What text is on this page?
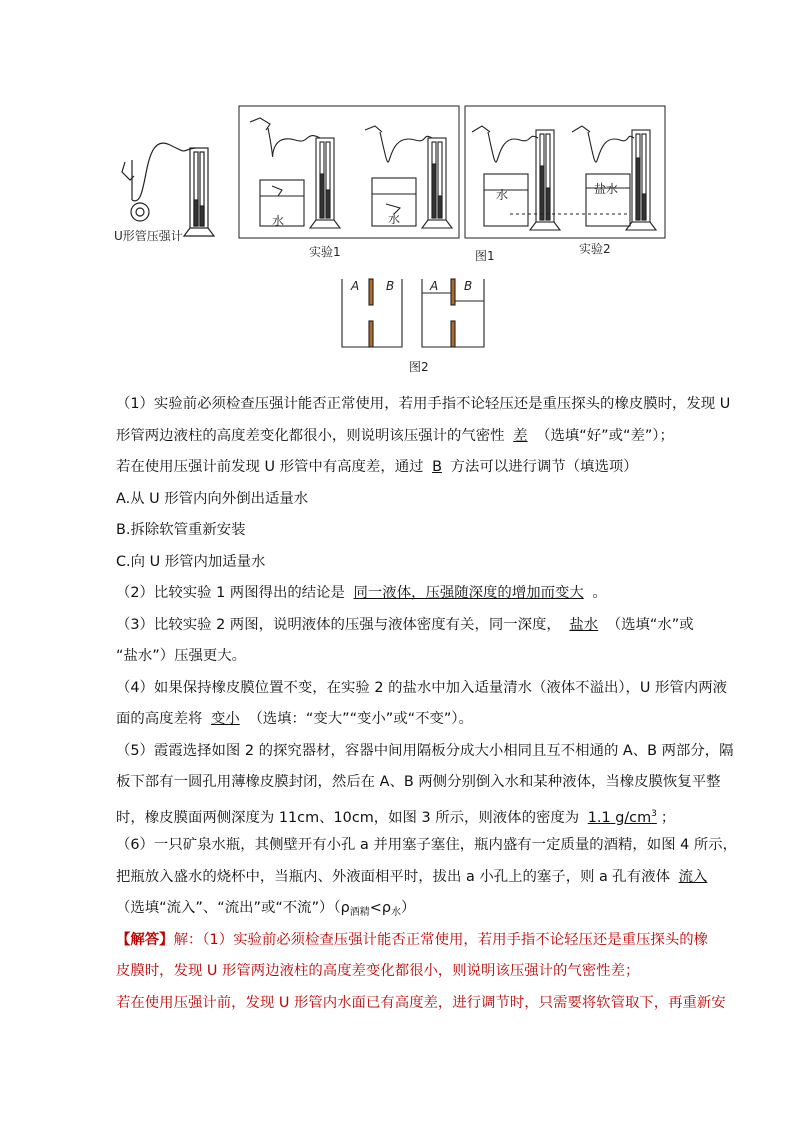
U形管压强计
水	水
水	盐水
实验1	实验2
图1
A B	A B
图2
（1）实验前必须检查压强计能否正常使用，若用手指不论轻压还是重压探头的橡皮膜时，发现 U
形管两边液柱的高度差变化都很小，则说明该压强计的气密性 差 （选填“好”或“差”）；
若在使用压强计前发现 U 形管中有高度差，通过 B 方法可以进行调节（填选项）
A.从 U 形管内向外倒出适量水
B.拆除软管重新安装
C.向 U 形管内加适量水
（2）比较实验 1 两图得出的结论是 同一液体，压强随深度的增加而变大 。
（3）比较实验 2 两图，说明液体的压强与液体密度有关，同一深度， 盐水 （选填“水”或
“盐水”）压强更大。
（4）如果保持橡皮膜位置不变，在实验 2 的盐水中加入适量清水（液体不溢出），U 形管内两液
面的高度差将 变小 （选填：“变大”“变小”或“不变”）。
（5）霞霞选择如图 2 的探究器材，容器中间用隔板分成大小相同且互不相通的 A、B 两部分，隔
板下部有一圆孔用薄橡皮膜封闭，然后在 A、B 两侧分别倒入水和某种液体，当橡皮膜恢复平整
时，橡皮膜面两侧深度为 11cm、10cm，如图 3 所示，则液体的密度为 1.1 $g/cm^3$ ；
（6）一只矿泉水瓶，其侧壁开有小孔 a 并用塞子塞住，瓶内盛有一定质量的酒精，如图 4 所示，
把瓶放入盛水的烧杯中，当瓶内、外液面相平时，拔出 a 小孔上的塞子，则 a 孔有液体 流入
（选填“流入”、“流出”或“不流$”)(\rho_{酒精}<\rho_水)$
【解答】解：（1）实验前必须检查压强计能否正常使用，若用手指不论轻压还是重压探头的橡
皮膜时，发现 U 形管两边液柱的高度差变化都很小，则说明该压强计的气密性差；
若在使用压强计前，发现 U 形管内水面已有高度差，进行调节时，只需要将软管取下，再重新安
